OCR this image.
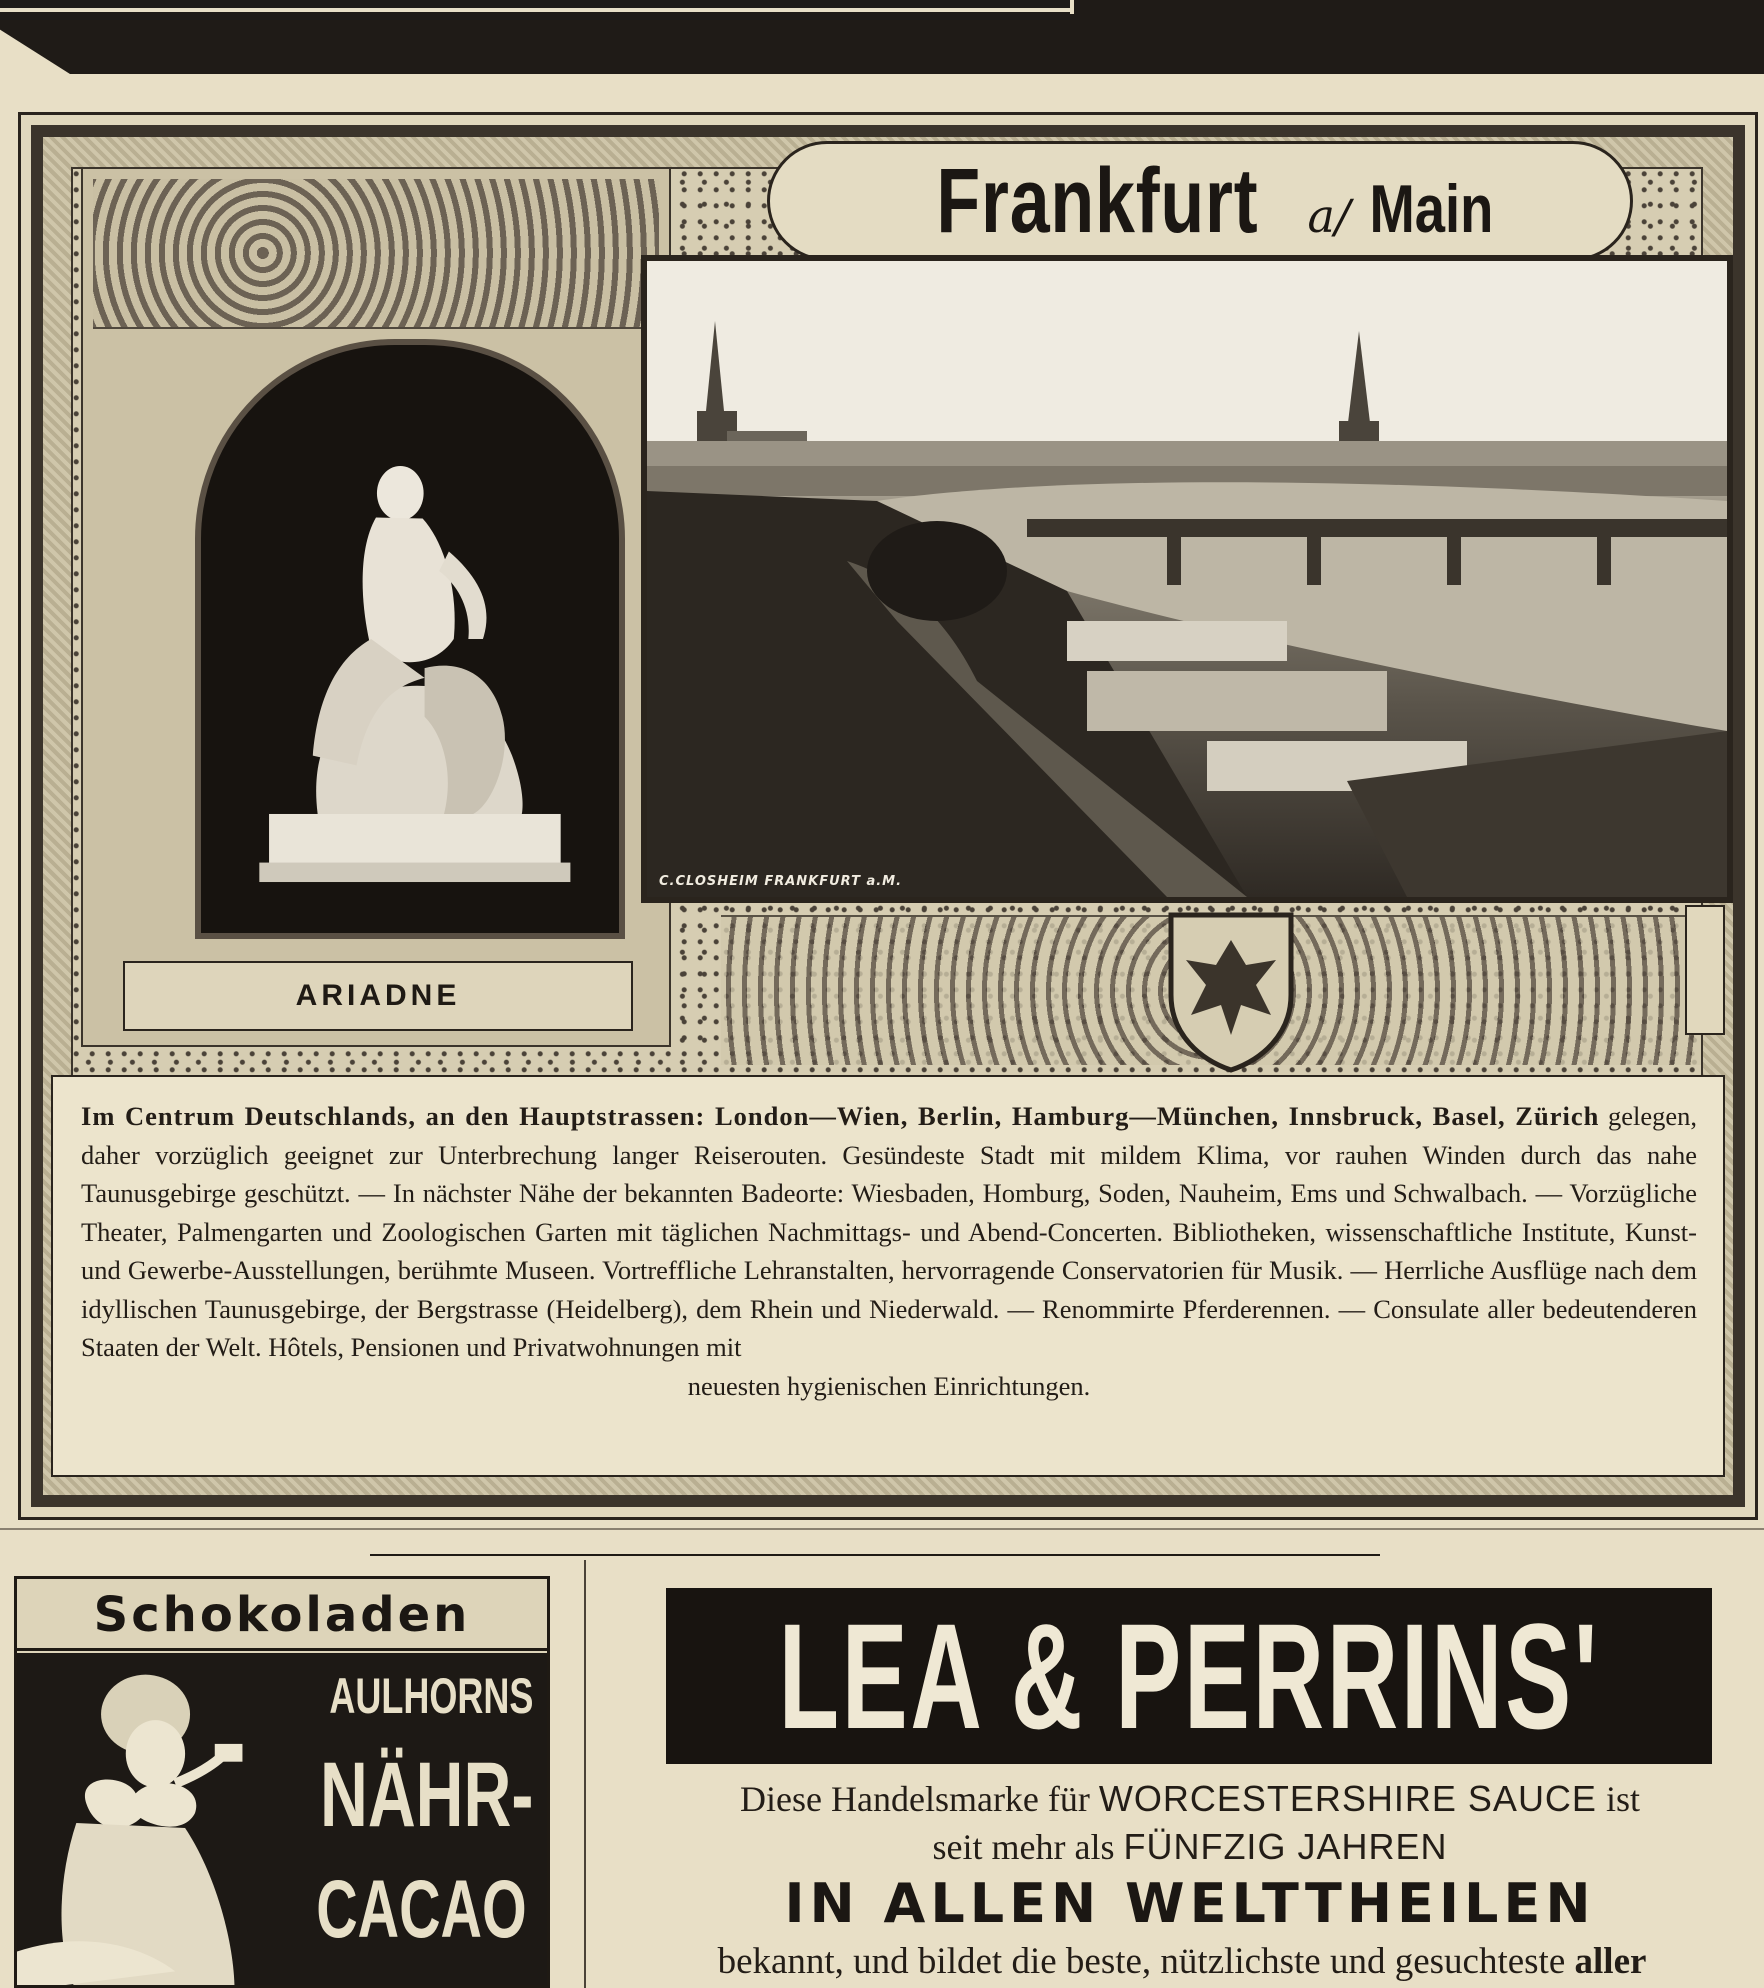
ARIADNE
Frankfurt a/ Main
C.CLOSHEIM FRANKFURT a.M.
Im Centrum Deutschlands, an den Hauptstrassen: London—Wien, Berlin, Hamburg—München, Innsbruck, Basel, Zürich gelegen, daher vorzüglich geeignet zur Unterbrechung langer Reiserouten. Gesündeste Stadt mit mildem Klima, vor rauhen Winden durch das nahe Taunusgebirge geschützt. — In nächster Nähe der bekannten Badeorte: Wiesbaden, Homburg, Soden, Nauheim, Ems und Schwalbach. — Vorzügliche Theater, Palmengarten und Zoologischen Garten mit täglichen Nachmittags- und Abend-Concerten. Bibliotheken, wissenschaftliche Institute, Kunst- und Gewerbe-Ausstellungen, berühmte Museen. Vortreffliche Lehranstalten, hervorragende Conservatorien für Musik. — Herrliche Ausflüge nach dem idyllischen Taunusgebirge, der Bergstrasse (Heidelberg), dem Rhein und Niederwald. — Renommirte Pferderennen. — Consulate aller bedeutenderen Staaten der Welt. Hôtels, Pensionen und Privatwohnungen mit
neuesten hygienischen Einrichtungen.
Schokoladen
AULHORNS
NÄHR-
CACAO
LEA & PERRINS'
Diese Handelsmarke für WORCESTERSHIRE SAUCE ist
seit mehr als FÜNFZIG JAHREN
IN ALLEN WELTTHEILEN
bekannt, und bildet die beste, nützlichste und gesuchteste aller
